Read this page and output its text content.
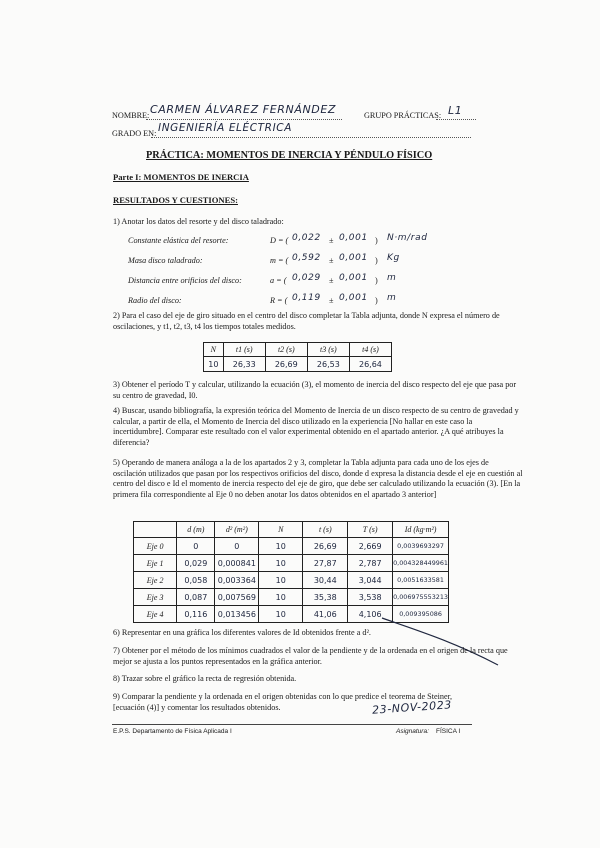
NOMBRE: CARMEN ÁLVAREZ FERNÁNDEZ	GRUPO PRÁCTICAS: L1
GRADO EN: INGENIERÍA ELÉCTRICA
PRÁCTICA: MOMENTOS DE INERCIA Y PÉNDULO FÍSICO
Parte I: MOMENTOS DE INERCIA
RESULTADOS Y CUESTIONES:
1) Anotar los datos del resorte y del disco taladrado:
Constante elástica del resorte:	D = ( 0,022 ± 0,001 ) N·m/rad
Masa disco taladrado:	m = ( 0,592 ± 0,001 ) Kg
Distancia entre orificios del disco:	a = ( 0,029 ± 0,001 ) m
Radio del disco:	R = ( 0,119 ± 0,001 ) m
2) Para el caso del eje de giro situado en el centro del disco completar la Tabla adjunta, donde N expresa el número de oscilaciones, y t1, t2, t3, t4 los tiempos totales medidos.
N	t1 (s)	t2 (s)	t3 (s)	t4 (s)
10	26,33	26,69	26,53	26,64
3) Obtener el período T y calcular, utilizando la ecuación (3), el momento de inercia del disco respecto del eje que pasa por su centro de gravedad, I0.
4) Buscar, usando bibliografía, la expresión teórica del Momento de Inercia de un disco respecto de su centro de gravedad y calcular, a partir de ella, el Momento de Inercia del disco utilizado en la experiencia [No hallar en este caso la incertidumbre]. Comparar este resultado con el valor experimental obtenido en el apartado anterior. ¿A qué atribuyes la diferencia?
5) Operando de manera análoga a la de los apartados 2 y 3, completar la Tabla adjunta para cada uno de los ejes de oscilación utilizados que pasan por los respectivos orificios del disco, donde d expresa la distancia desde el eje en cuestión al centro del disco e Id el momento de inercia respecto del eje de giro, que debe ser calculado utilizando la ecuación (3). [En la primera fila correspondiente al Eje 0 no deben anotar los datos obtenidos en el apartado 3 anterior]
	d (m)	d² (m²)	N	t (s)	T (s)	Id (kg·m²)
Eje 0	0	0	10	26,69	2,669	0,0039693297
Eje 1	0,029	0,000841	10	27,87	2,787	0,004328449961
Eje 2	0,058	0,003364	10	30,44	3,044	0,0051633581
Eje 3	0,087	0,007569	10	35,38	3,538	0,006975553213
Eje 4	0,116	0,013456	10	41,06	4,106	0,009395086
6) Representar en una gráfica los diferentes valores de Id obtenidos frente a d².
7) Obtener por el método de los mínimos cuadrados el valor de la pendiente y de la ordenada en el origen de la recta que mejor se ajusta a los puntos representados en la gráfica anterior.
8) Trazar sobre el gráfico la recta de regresión obtenida.
9) Comparar la pendiente y la ordenada en el origen obtenidas con lo que predice el teorema de Steiner, [ecuación (4)] y comentar los resultados obtenidos.	23-NOV-2023
E.P.S. Departamento de Física Aplicada I	Asignatura: FÍSICA I
